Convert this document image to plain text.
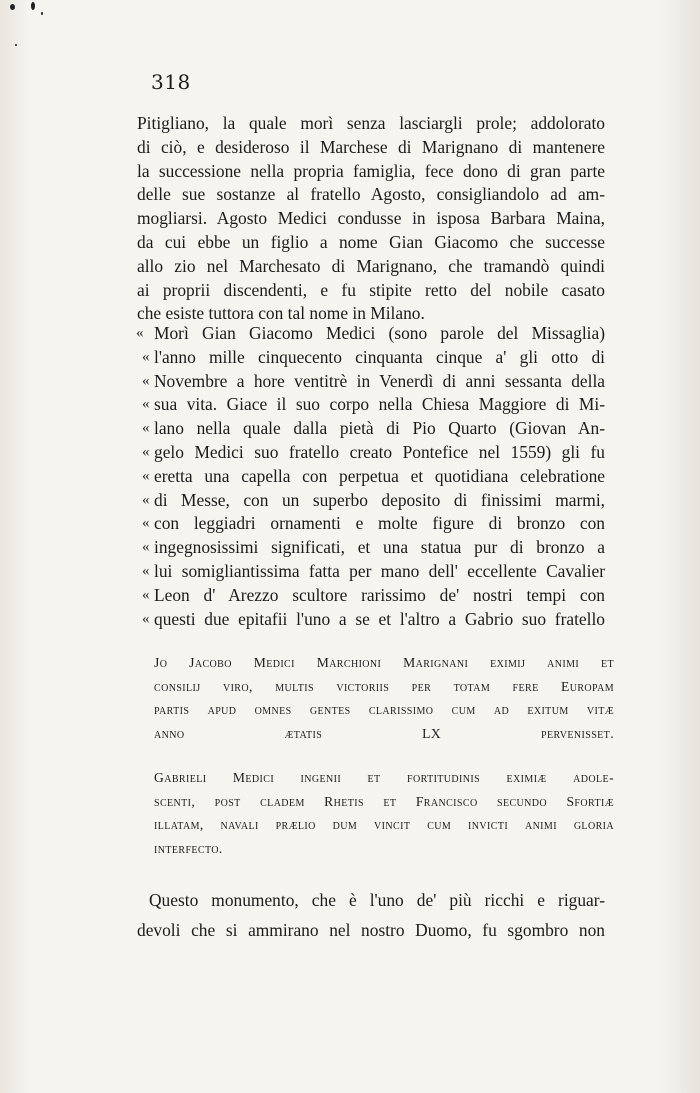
318
Pitigliano, la quale morì senza lasciargli prole; addolorato
di ciò, e desideroso il Marchese di Marignano di mantenere
la successione nella propria famiglia, fece dono di gran parte
delle sue sostanze al fratello Agosto, consigliandolo ad am-
mogliarsi. Agosto Medici condusse in isposa Barbara Maina,
da cui ebbe un figlio a nome Gian Giacomo che successe
allo zio nel Marchesato di Marignano, che tramandò quindi
ai proprii discendenti, e fu stipite retto del nobile casato
che esiste tuttora con tal nome in Milano.
« Morì Gian Giacomo Medici (sono parole del Missaglia)
« l'anno mille cinquecento cinquanta cinque a' gli otto di
« Novembre a hore ventitrè in Venerdì di anni sessanta della
« sua vita. Giace il suo corpo nella Chiesa Maggiore di Mi-
« lano nella quale dalla pietà di Pio Quarto (Giovan An-
« gelo Medici suo fratello creato Pontefice nel 1559) gli fu
« eretta una capella con perpetua et quotidiana celebratione
« di Messe, con un superbo deposito di finissimi marmi,
« con leggiadri ornamenti e molte figure di bronzo con
« ingegnosissimi significati, et una statua pur di bronzo a
« lui somigliantissima fatta per mano dell' eccellente Cavalier
« Leon d' Arezzo scultore rarissimo de' nostri tempi con
« questi due epitafii l'uno a se et l'altro a Gabrio suo fratello
Jo Jacobo Medici Marchioni Marignani eximij animi et
consilij viro, multis victoriis per totam fere Europam
partis apud omnes gentes clarissimo cum ad exitum vitæ
anno ætatis LX pervenisset.
Gabrieli Medici ingenii et fortitudinis eximiæ adole-
scenti, post cladem Rhetis et Francisco secundo Sfortiæ
illatam, navali prælio dum vincit cum invicti animi gloria
interfecto.
Questo monumento, che è l'uno de' più ricchi e riguar-
devoli che si ammirano nel nostro Duomo, fu sgombro non
